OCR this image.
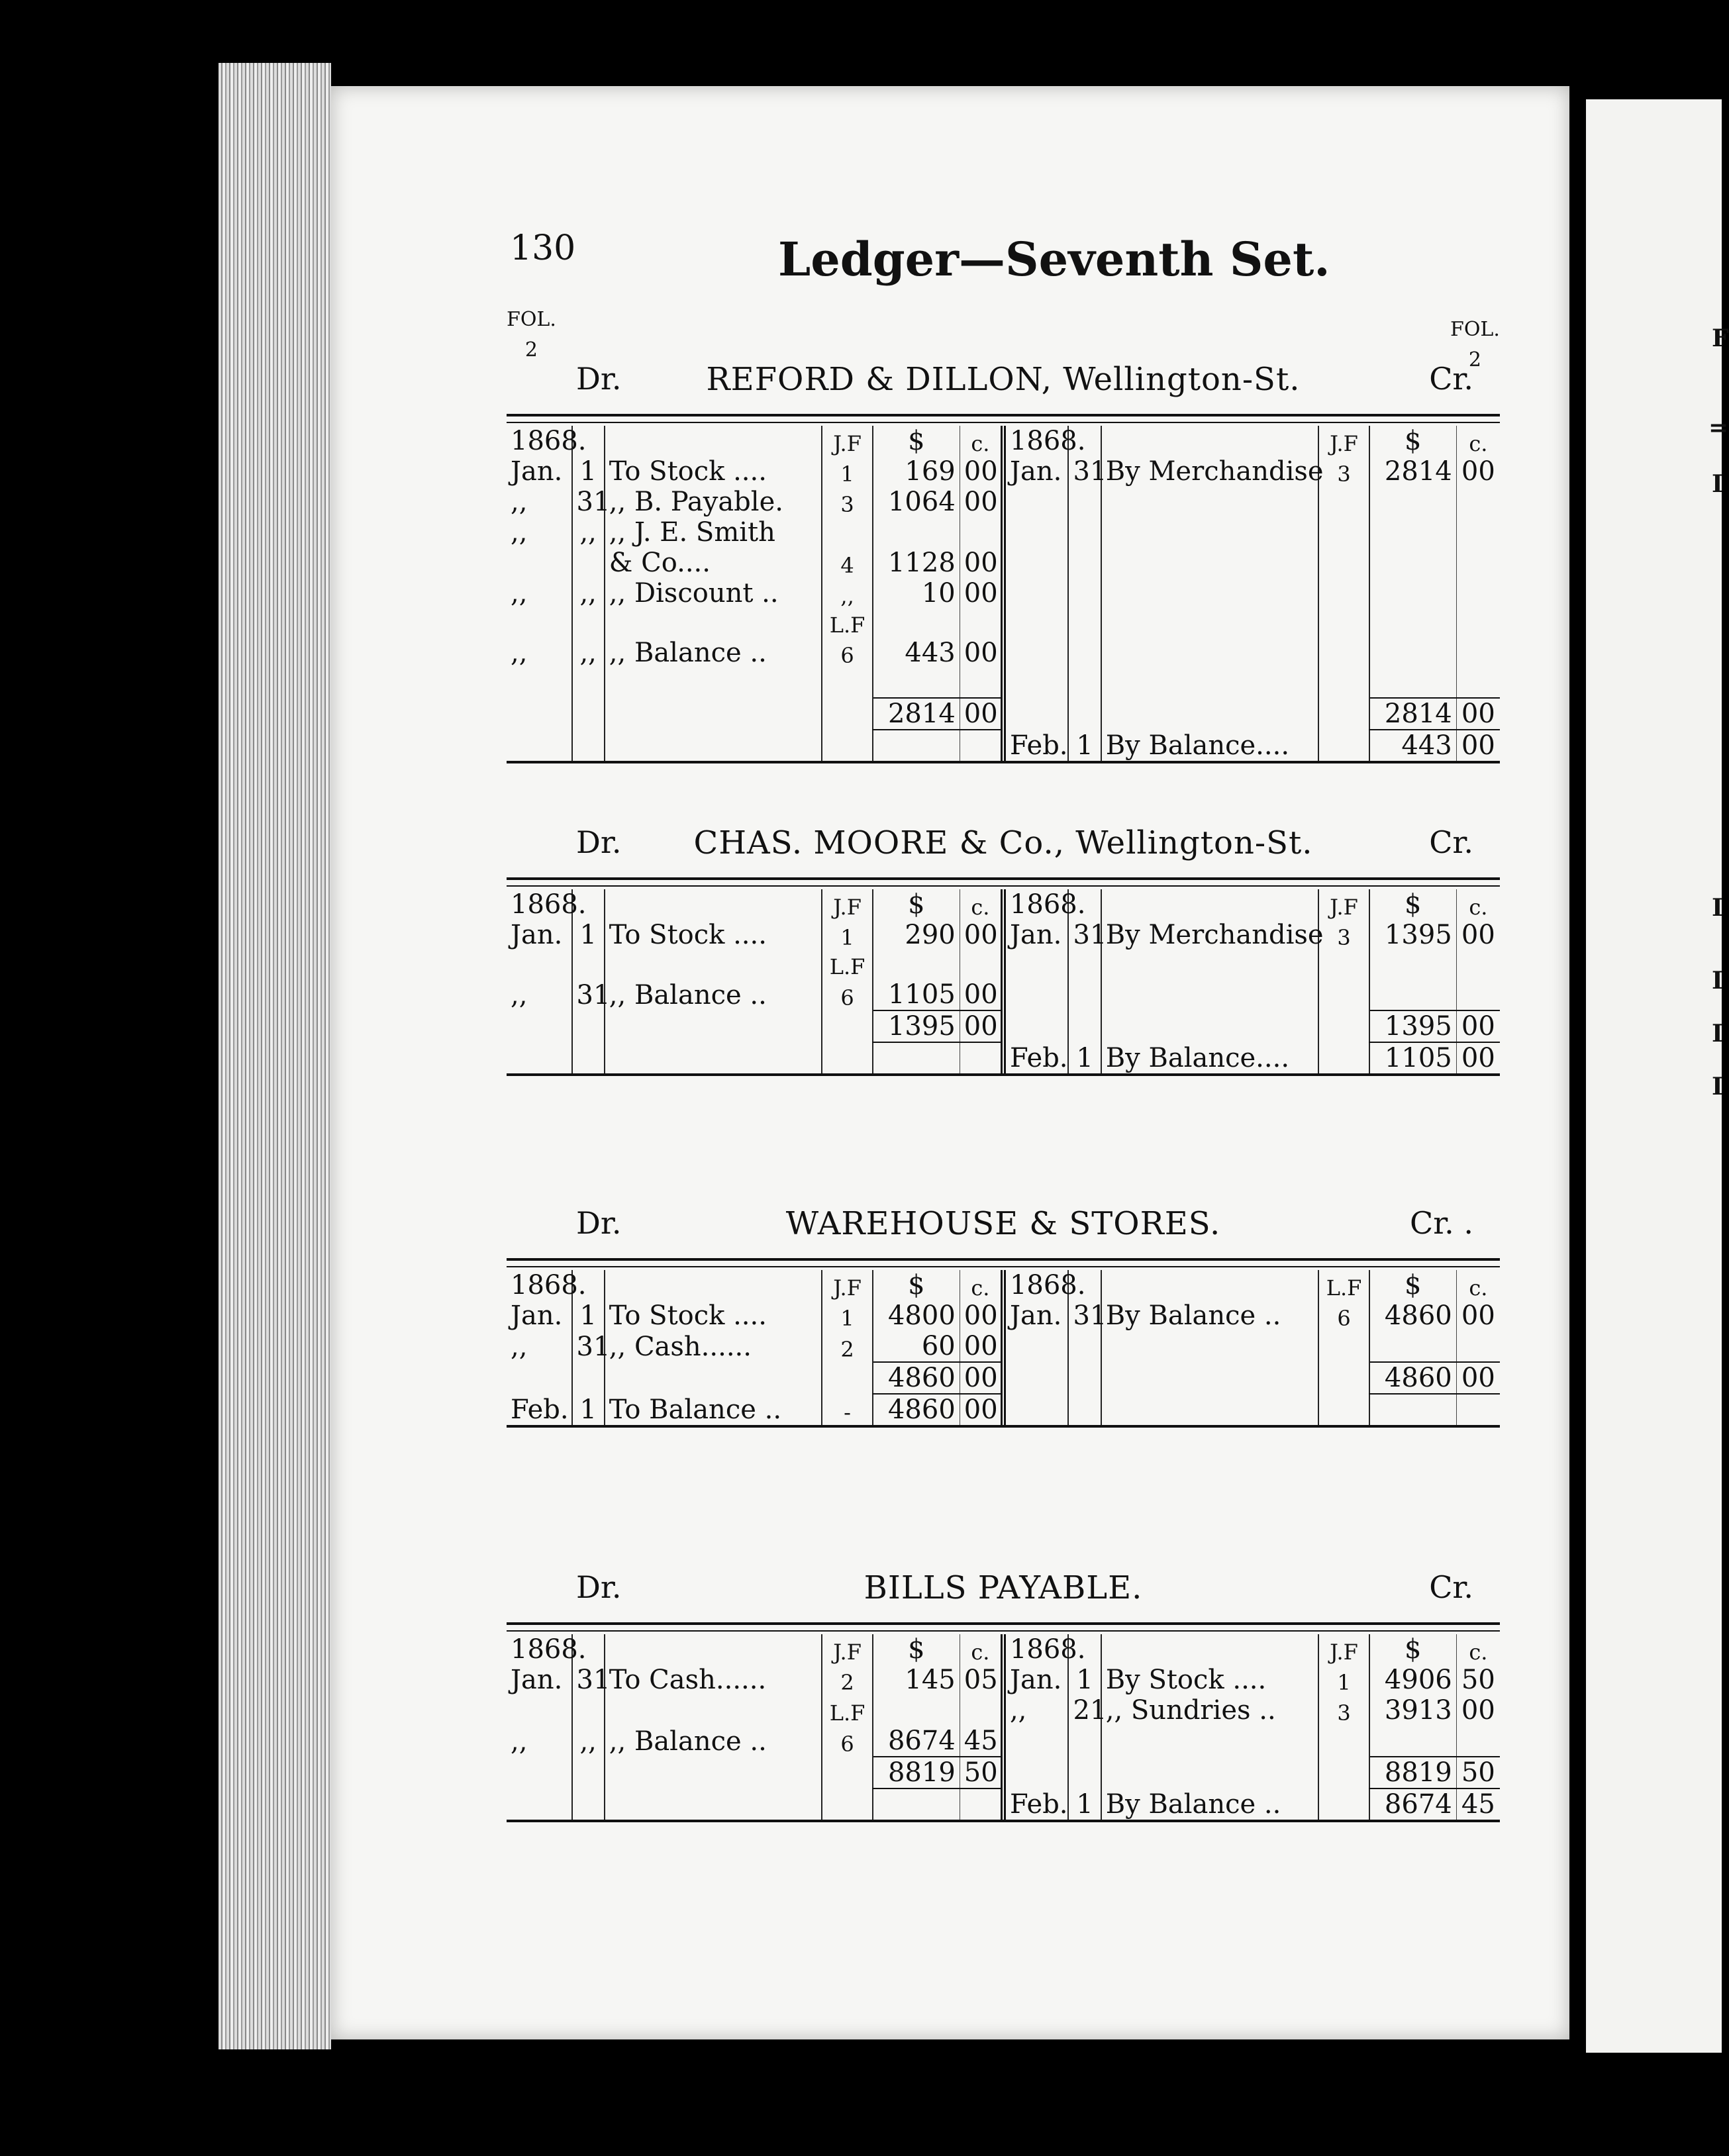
F
=
I
I
I
I
I
130	Ledger—Seventh Set.
FOL.
2
FOL.
2
Dr.	REFORD & DILLON, Wellington-St.	Cr.
1868.			J.F	$	c.	1868.			J.F	$	c.
Jan.	1	To Stock ....	1	169	00	Jan.	31	By Merchandise	3	2814	00
,,	31	,, B. Payable.	3	1064	00						
,,	,,	,, J. E. Smith									
		& Co....	4	1128	00						
,,	,,	,, Discount ..	,,	10	00						
			L.F								
,,	,,	,, Balance ..	6	443	00						

				2814	00					2814	00
						Feb.	1	By Balance....		443	00
Dr.	CHAS. MOORE & Co., Wellington-St.	Cr.
1868.			J.F	$	c.	1868.			J.F	$	c.
Jan.	1	To Stock ....	1	290	00	Jan.	31	By Merchandise	3	1395	00
			L.F								
,,	31	,, Balance ..	6	1105	00						
				1395	00					1395	00
						Feb.	1	By Balance....		1105	00
Dr.	WAREHOUSE & STORES.	Cr. .
1868.			J.F	$	c.	1868.			L.F	$	c.
Jan.	1	To Stock ....	1	4800	00	Jan.	31	By Balance ..	6	4860	00
,,	31	,, Cash......	2	60	00						
				4860	00					4860	00
Feb.	1	To Balance ..	-	4860	00						
Dr.	BILLS PAYABLE.	Cr.
1868.			J.F	$	c.	1868.			J.F	$	c.
Jan.	31	To Cash......	2	145	05	Jan.	1	By Stock ....	1	4906	50
			L.F			,,	21	,, Sundries ..	3	3913	00
,,	,,	,, Balance ..	6	8674	45						
				8819	50					8819	50
						Feb.	1	By Balance ..		8674	45
